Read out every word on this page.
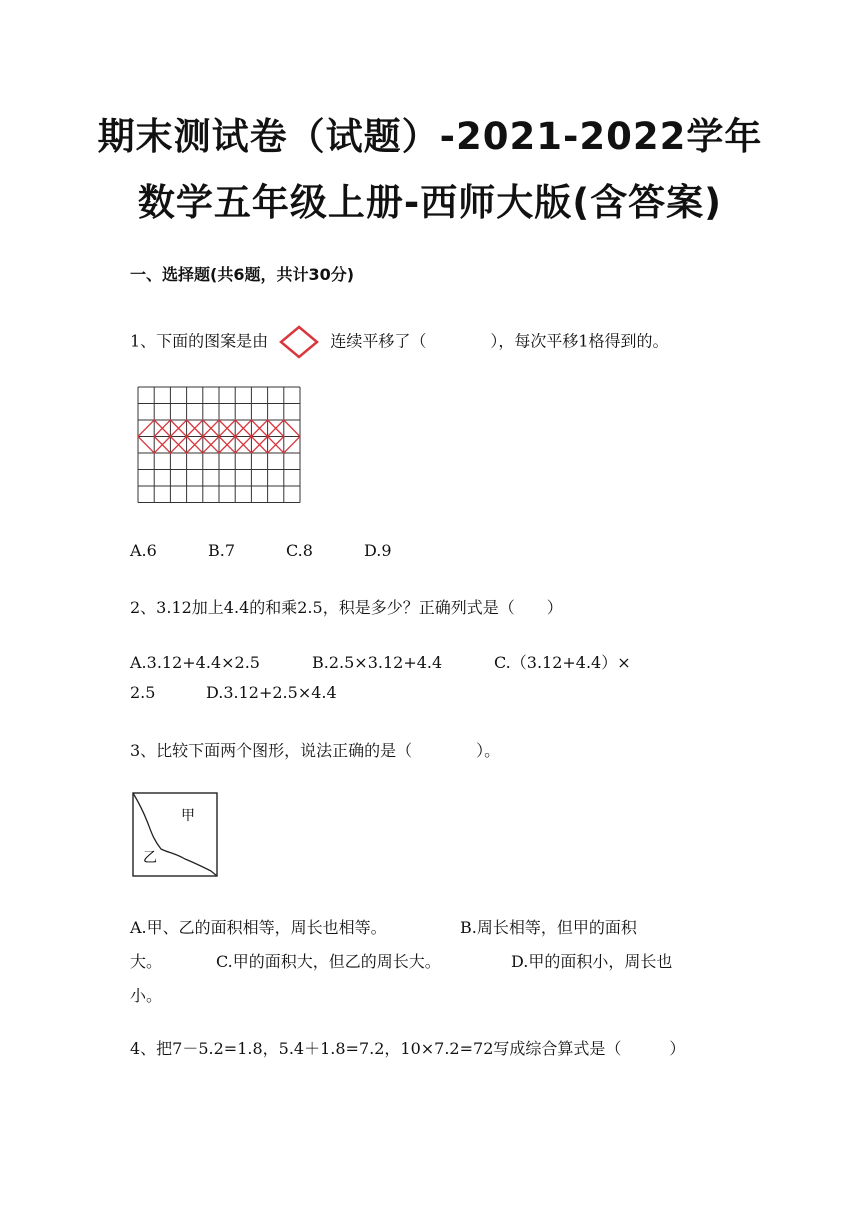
期末测试卷（试题）-2021-2022学年
数学五年级上册-西师大版(含答案)
一、选择题(共6题，共计30分)
1、下面的图案是由	连续平移了（　　　　），每次平移1格得到的。
A.6	B.7	C.8	D.9
2、3.12加上4.4的和乘2.5，积是多少？正确列式是（　　）
A.3.12+4.4×2.5	B.2.5×3.12+4.4	C.（3.12+4.4）×
2.5	D.3.12+2.5×4.4
3、比较下面两个图形，说法正确的是（　　　　）。
甲
乙
A.甲、乙的面积相等，周长也相等。	B.周长相等，但甲的面积
大。	C.甲的面积大，但乙的周长大。	D.甲的面积小，周长也
小。
4、把7－5.2=1.8，5.4＋1.8=7.2，10×7.2=72写成综合算式是（　　　）
